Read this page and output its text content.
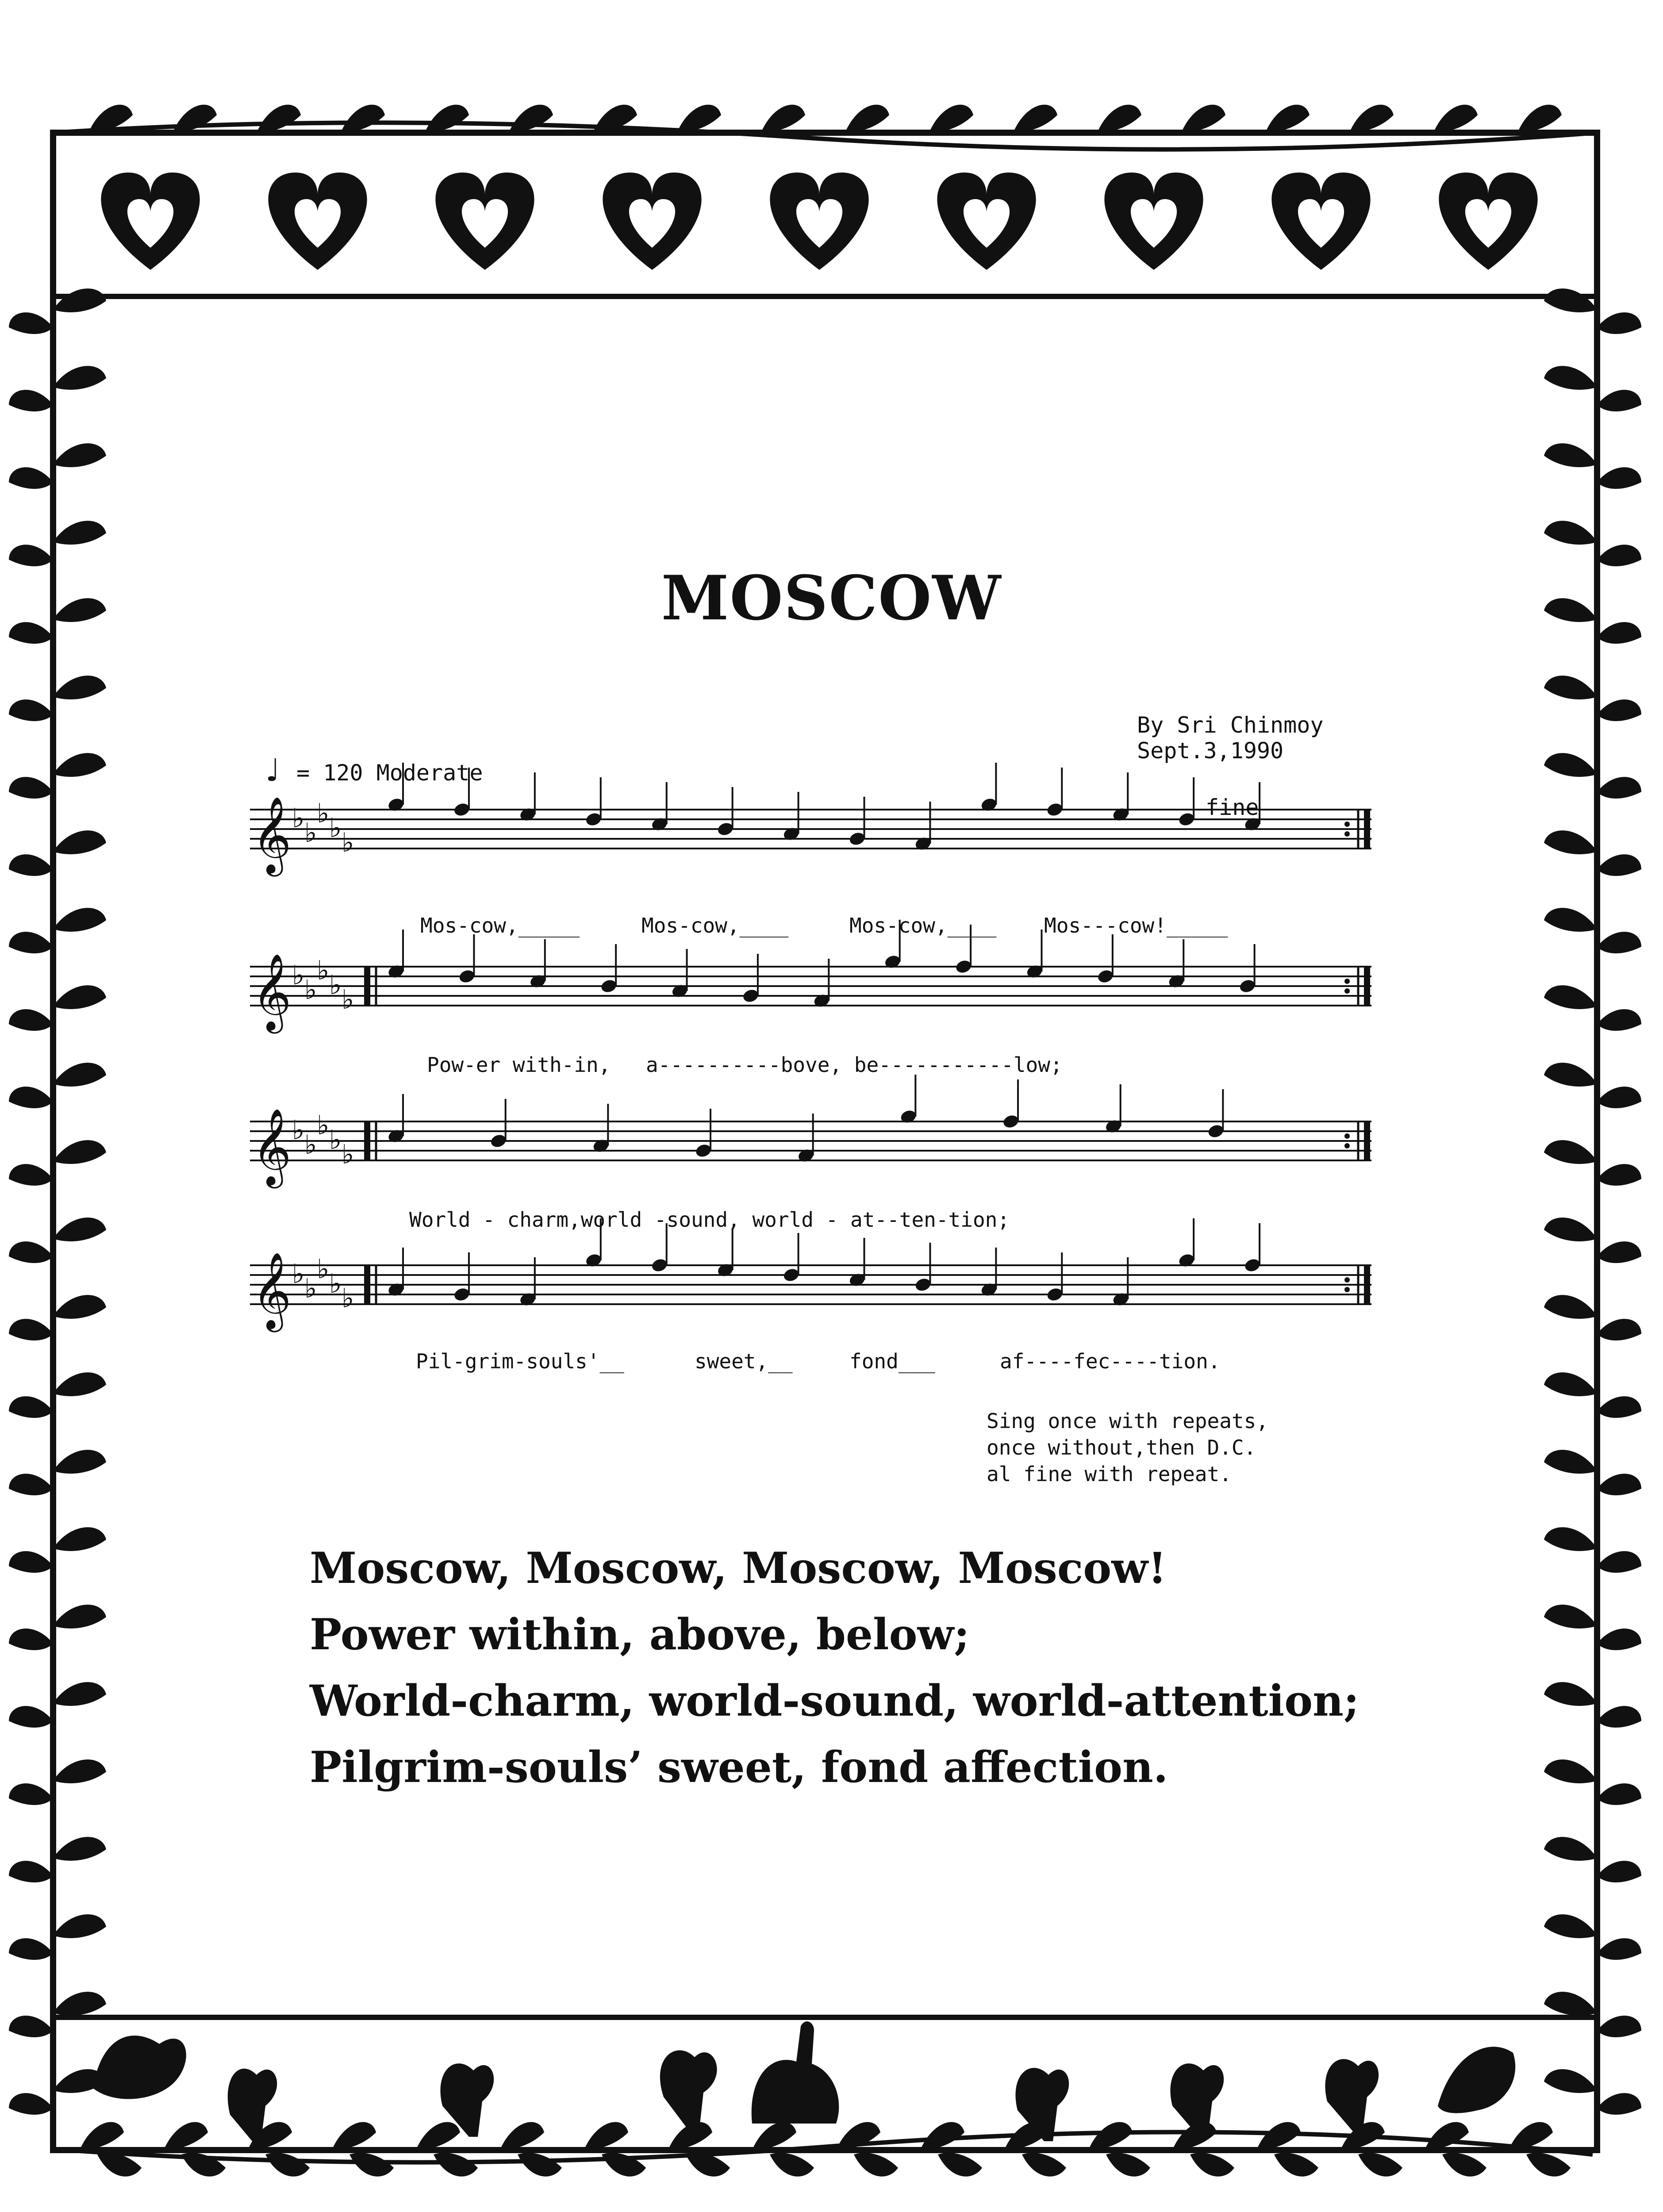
𝄞 ♭ ♭
♭ ♭ ♭
𝄞 ♭ ♭
♭ ♭ ♭
𝄞 ♭ ♭
♭ ♭ ♭
𝄞 ♭ ♭
♭ ♭ ♭
MOSCOW
By Sri Chinmoy
Sept.3,1990
♩ = 120 Moderate
fine
Mos-cow,_____	Mos-cow,____	Mos-cow,____ Mos---cow!_____
Pow-er with-in, a----------bove, be-----------low;
World - charm,world -sound, world - at--ten-tion;
Pil-grim-souls'__	sweet,__	fond___	af----fec----tion.
Sing once with repeats,
once without,then D.C.
al fine with repeat.
Moscow, Moscow, Moscow, Moscow!
Power within, above, below;
World-charm, world-sound, world-attention;
Pilgrim-souls’ sweet, fond affection.
